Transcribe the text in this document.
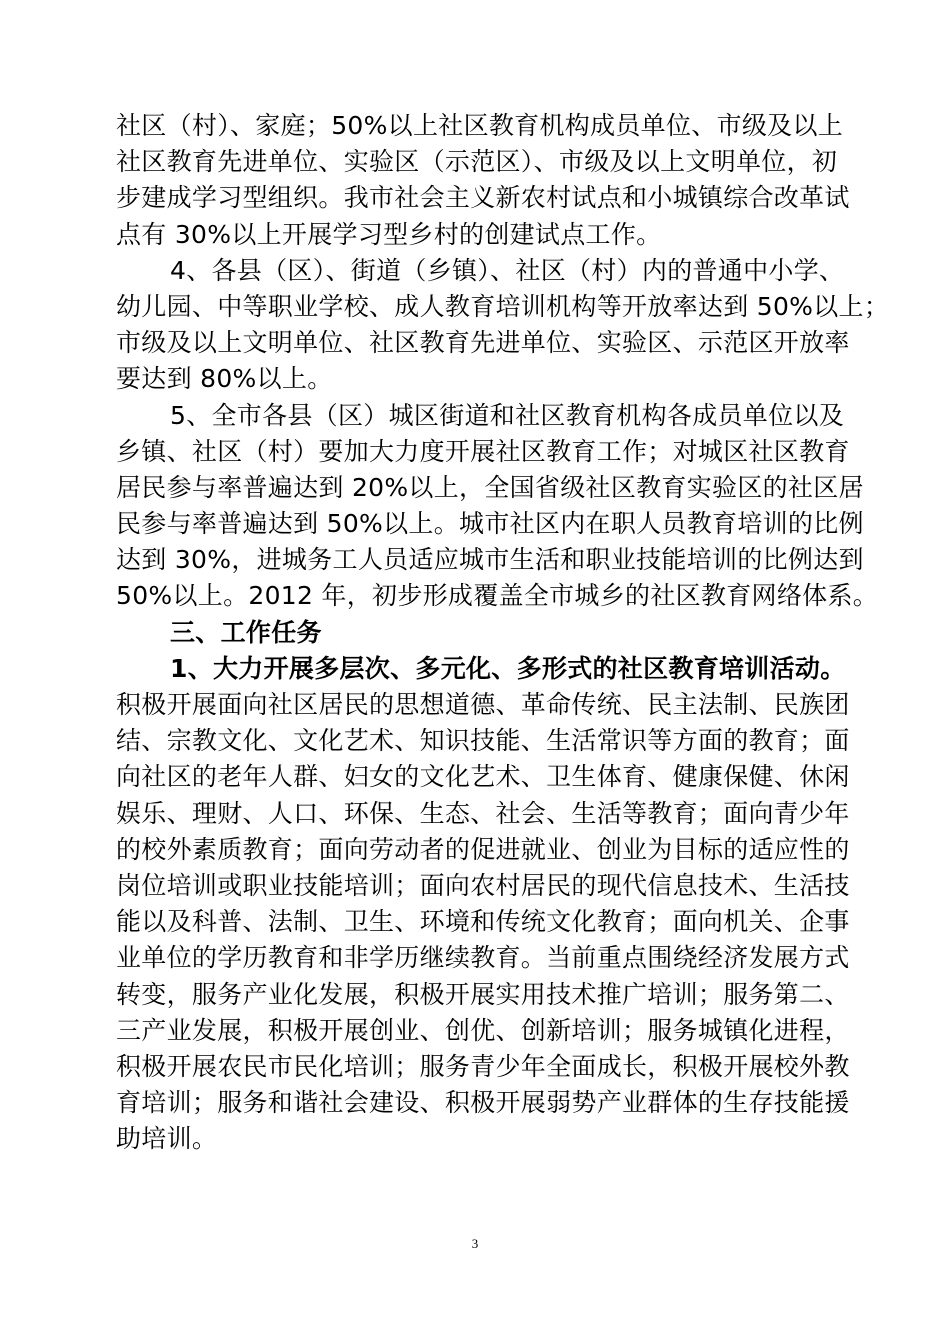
社区（村）、家庭；50%以上社区教育机构成员单位、市级及以上
社区教育先进单位、实验区（示范区）、市级及以上文明单位，初
步建成学习型组织。我市社会主义新农村试点和小城镇综合改革试
点有 30%以上开展学习型乡村的创建试点工作。
4、各县（区）、街道（乡镇）、社区（村）内的普通中小学、
幼儿园、中等职业学校、成人教育培训机构等开放率达到 50%以上；
市级及以上文明单位、社区教育先进单位、实验区、示范区开放率
要达到 80%以上。
5、全市各县（区）城区街道和社区教育机构各成员单位以及
乡镇、社区（村）要加大力度开展社区教育工作；对城区社区教育
居民参与率普遍达到 20%以上，全国省级社区教育实验区的社区居
民参与率普遍达到 50%以上。城市社区内在职人员教育培训的比例
达到 30%，进城务工人员适应城市生活和职业技能培训的比例达到
50%以上。2012 年，初步形成覆盖全市城乡的社区教育网络体系。
三、工作任务
1、大力开展多层次、多元化、多形式的社区教育培训活动。
积极开展面向社区居民的思想道德、革命传统、民主法制、民族团
结、宗教文化、文化艺术、知识技能、生活常识等方面的教育；面
向社区的老年人群、妇女的文化艺术、卫生体育、健康保健、休闲
娱乐、理财、人口、环保、生态、社会、生活等教育；面向青少年
的校外素质教育；面向劳动者的促进就业、创业为目标的适应性的
岗位培训或职业技能培训；面向农村居民的现代信息技术、生活技
能以及科普、法制、卫生、环境和传统文化教育；面向机关、企事
业单位的学历教育和非学历继续教育。当前重点围绕经济发展方式
转变，服务产业化发展，积极开展实用技术推广培训；服务第二、
三产业发展，积极开展创业、创优、创新培训；服务城镇化进程，
积极开展农民市民化培训；服务青少年全面成长，积极开展校外教
育培训；服务和谐社会建设、积极开展弱势产业群体的生存技能援
助培训。
3
